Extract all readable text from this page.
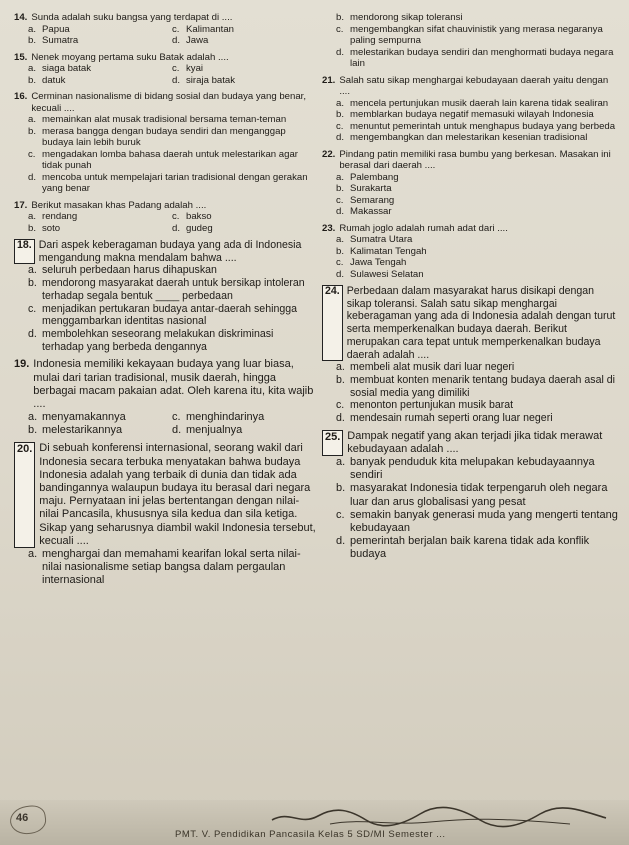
14. Sunda adalah suku bangsa yang terdapat di ....
a. Papua	c. Kalimantan
b. Sumatra	d. Jawa
15. Nenek moyang pertama suku Batak adalah ....
a. siaga batak	c. kyai
b. datuk	d. siraja batak
16. Cerminan nasionalisme di bidang sosial dan budaya yang benar, kecuali ....
a. memainkan alat musak tradisional bersama teman-teman
b. merasa bangga dengan budaya sendiri dan menganggap budaya lain lebih buruk
c. mengadakan lomba bahasa daerah untuk melestarikan agar tidak punah
d. mencoba untuk mempelajari tarian tradisional dengan gerakan yang benar
17. Berikut masakan khas Padang adalah ....
a. rendang	c. bakso
b. soto	d. gudeg
18. Dari aspek keberagaman budaya yang ada di Indonesia mengandung makna mendalam bahwa ....
a. seluruh perbedaan harus dihapuskan
b. mendorong masyarakat daerah untuk bersikap intoleran terhadap segala bentuk ____ perbedaan
c. menjadikan pertukaran budaya antar-daerah sehingga menggambarkan identitas nasional
d. membolehkan seseorang melakukan diskriminasi terhadap yang berbeda dengannya
19. Indonesia memiliki kekayaan budaya yang luar biasa, mulai dari tarian tradisional, musik daerah, hingga berbagai macam pakaian adat. Oleh karena itu, kita wajib ....
a. menyamakannya	c. menghindarinya
b. melestarikannya	d. menjualnya
20. Di sebuah konferensi internasional, seorang wakil dari Indonesia secara terbuka menyatakan bahwa budaya Indonesia adalah yang terbaik di dunia dan tidak ada bandingannya walaupun budaya itu berasal dari negara maju. Pernyataan ini jelas bertentangan dengan nilai-nilai Pancasila, khususnya sila kedua dan sila ketiga. Sikap yang seharusnya diambil wakil Indonesia tersebut, kecuali ....
a. menghargai dan memahami kearifan lokal serta nilai-nilai nasionalisme setiap bangsa dalam pergaulan internasional
b. mendorong sikap toleransi
c. mengembangkan sifat chauvinistik yang merasa negaranya paling sempurna
d. melestarikan budaya sendiri dan menghormati budaya negara lain
21. Salah satu sikap menghargai kebudayaan daerah yaitu dengan ....
a. mencela pertunjukan musik daerah lain karena tidak sealiran
b. memblarkan budaya negatif memasuki wilayah Indonesia
c. menuntut pemerintah untuk menghapus budaya yang berbeda
d. mengembangkan dan melestarikan kesenian tradisional
22. Pindang patin memiliki rasa bumbu yang berkesan. Masakan ini berasal dari daerah ....
a. Palembang
b. Surakarta
c. Semarang
d. Makassar
23. Rumah joglo adalah rumah adat dari ....
a. Sumatra Utara
b. Kalimatan Tengah
c. Jawa Tengah
d. Sulawesi Selatan
24. Perbedaan dalam masyarakat harus disikapi dengan sikap toleransi. Salah satu sikap menghargai keberagaman yang ada di Indonesia adalah dengan turut serta memperkenalkan budaya daerah. Berikut merupakan cara tepat untuk memperkenalkan budaya daerah adalah ....
a. membeli alat musik dari luar negeri
b. membuat konten menarik tentang budaya daerah asal di sosial media yang dimiliki
c. menonton pertunjukan musik barat
d. mendesain rumah seperti orang luar negeri
25. Dampak negatif yang akan terjadi jika tidak merawat kebudayaan adalah ....
a. banyak penduduk kita melupakan kebudayaannya sendiri
b. masyarakat Indonesia tidak terpengaruh oleh negara luar dan arus globalisasi yang pesat
c. semakin banyak generasi muda yang mengerti tentang kebudayaan
d. pemerintah berjalan baik karena tidak ada konflik budaya
46
PMT. V. Pendidikan Pancasila Kelas 5 SD/MI Semester ...
